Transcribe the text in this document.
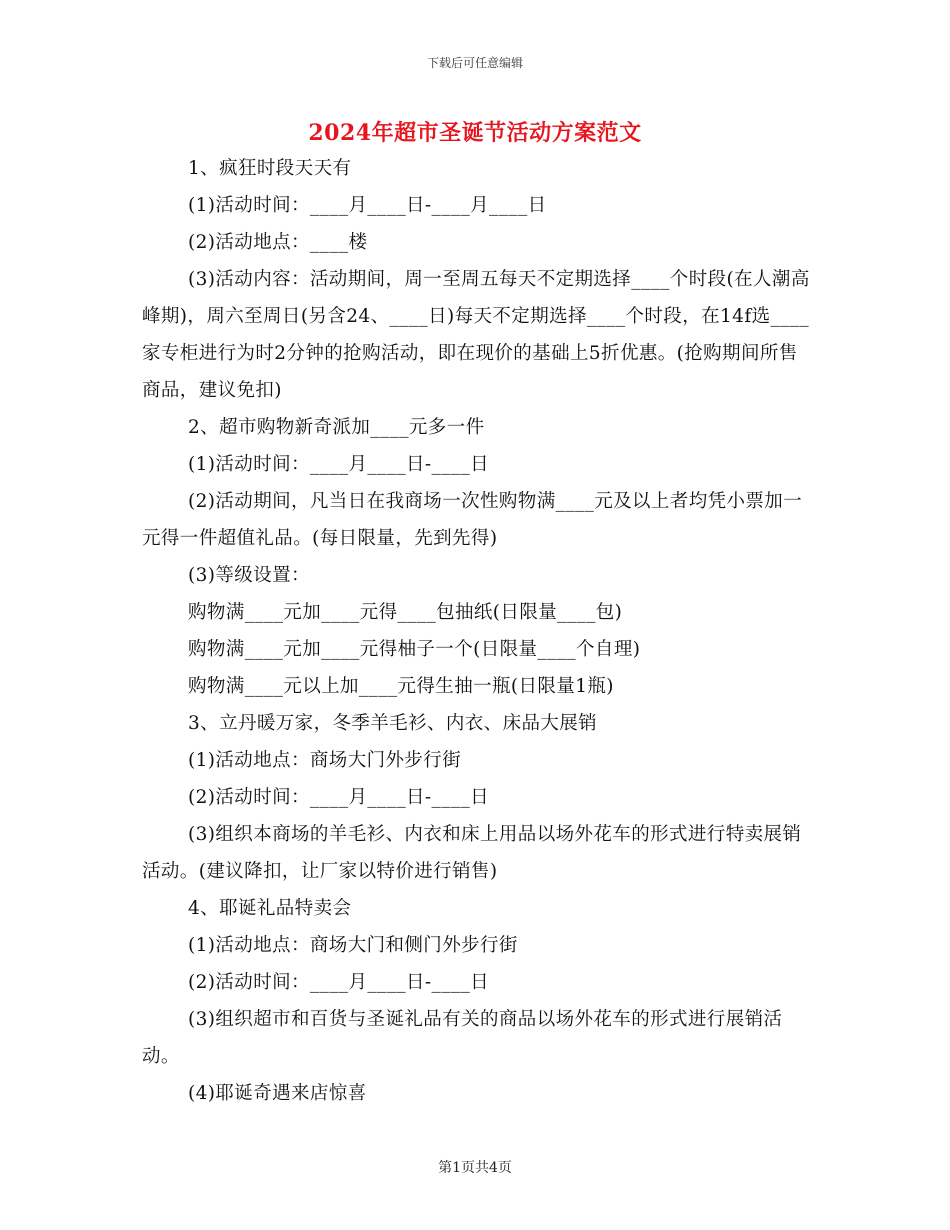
下载后可任意编辑
2024年超市圣诞节活动方案范文

1、疯狂时段天天有

(1)活动时间：____月____日-____月____日

(2)活动地点：____楼

(3)活动内容：活动期间，周一至周五每天不定期选择____个时段(在人潮高峰期)，周六至周日(另含24、____日)每天不定期选择____个时段，在14f选____家专柜进行为时2分钟的抢购活动，即在现价的基础上5折优惠。(抢购期间所售商品，建议免扣)

2、超市购物新奇派加____元多一件

(1)活动时间：____月____日-____日

(2)活动期间，凡当日在我商场一次性购物满____元及以上者均凭小票加一元得一件超值礼品。(每日限量，先到先得)

(3)等级设置：

购物满____元加____元得____包抽纸(日限量____包)

购物满____元加____元得柚子一个(日限量____个自理)

购物满____元以上加____元得生抽一瓶(日限量1瓶)

3、立丹暖万家，冬季羊毛衫、内衣、床品大展销

(1)活动地点：商场大门外步行街

(2)活动时间：____月____日-____日

(3)组织本商场的羊毛衫、内衣和床上用品以场外花车的形式进行特卖展销活动。(建议降扣，让厂家以特价进行销售)

4、耶诞礼品特卖会

(1)活动地点：商场大门和侧门外步行街

(2)活动时间：____月____日-____日

(3)组织超市和百货与圣诞礼品有关的商品以场外花车的形式进行展销活动。

(4)耶诞奇遇来店惊喜

第1页共4页
